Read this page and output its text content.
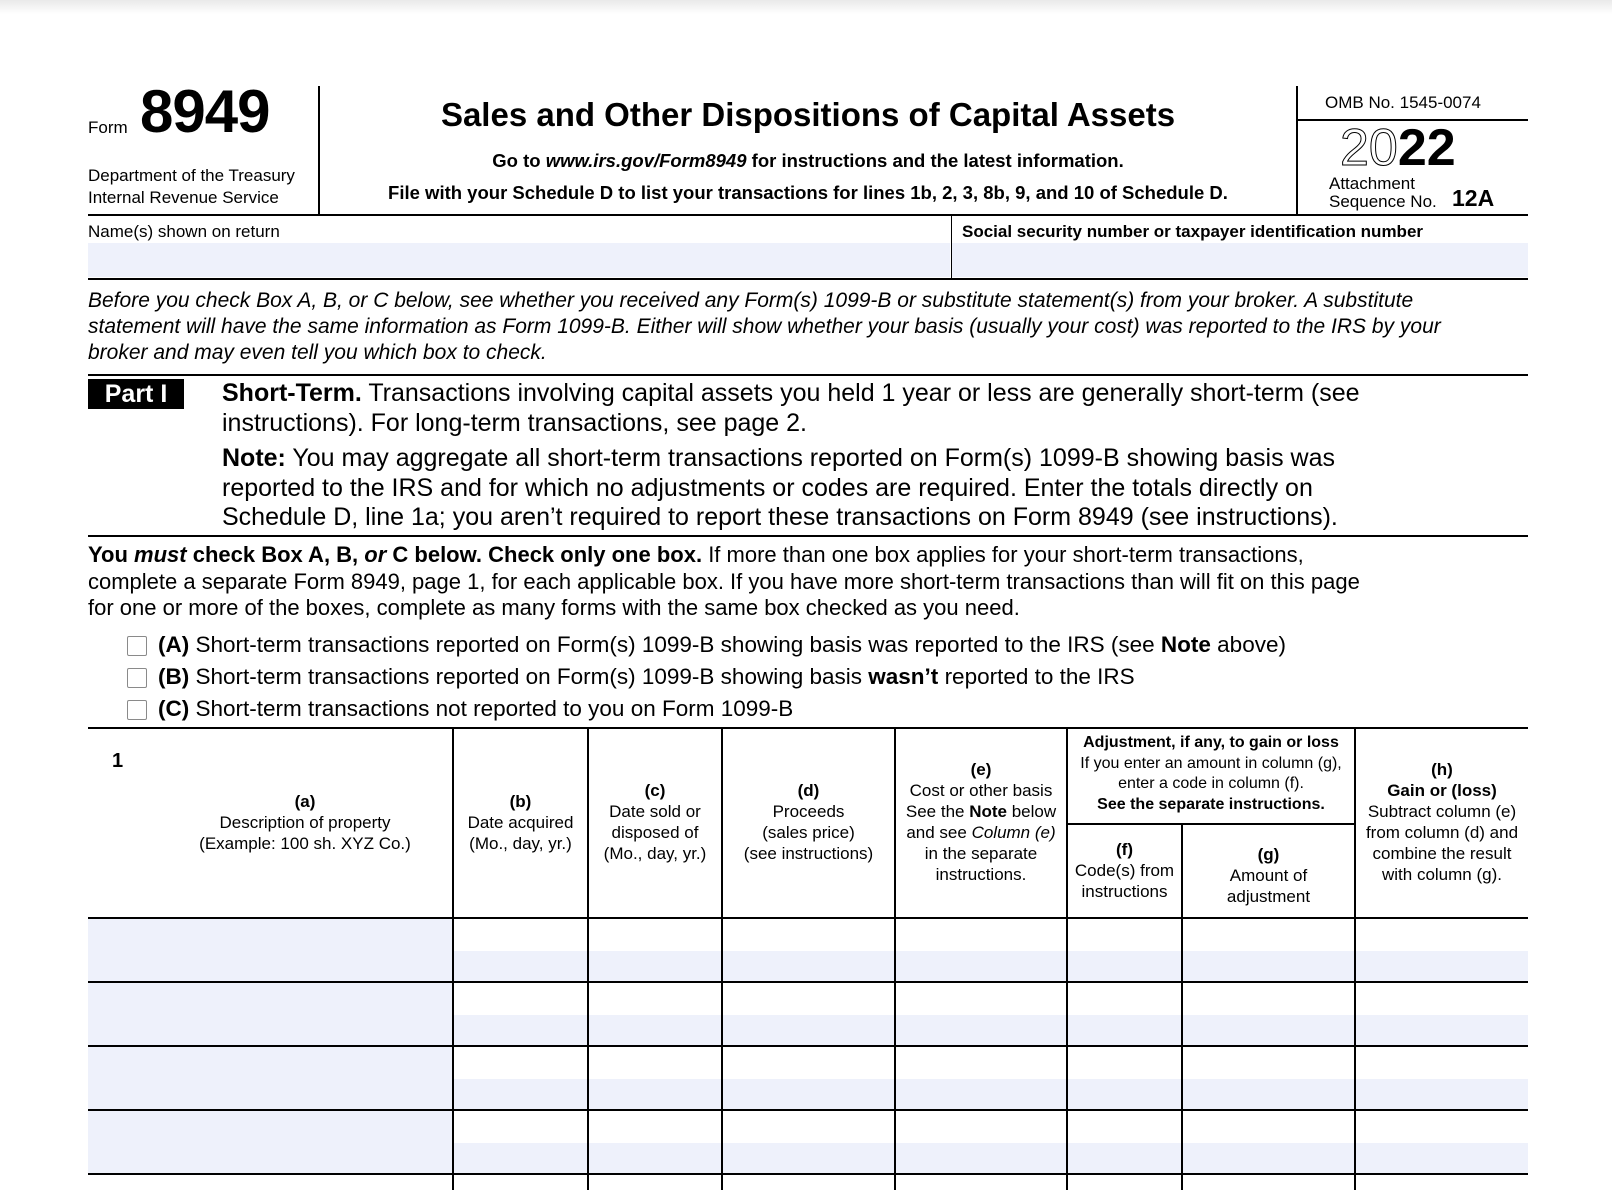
Form 8949
Department of the Treasury
Internal Revenue Service
Sales and Other Dispositions of Capital Assets
Go to www.irs.gov/Form8949 for instructions and the latest information.
File with your Schedule D to list your transactions for lines 1b, 2, 3, 8b, 9, and 10 of Schedule D.
OMB No. 1545-0074
2022
Attachment
Sequence No. 12A
Name(s) shown on return	Social security number or taxpayer identification number
Before you check Box A, B, or C below, see whether you received any Form(s) 1099-B or substitute statement(s) from your broker. A substitute
statement will have the same information as Form 1099-B. Either will show whether your basis (usually your cost) was reported to the IRS by your
broker and may even tell you which box to check.
Part I	Short-Term. Transactions involving capital assets you held 1 year or less are generally short-term (see
instructions). For long-term transactions, see page 2.
Note: You may aggregate all short-term transactions reported on Form(s) 1099-B showing basis was
reported to the IRS and for which no adjustments or codes are required. Enter the totals directly on
Schedule D, line 1a; you aren’t required to report these transactions on Form 8949 (see instructions).
You must check Box A, B, or C below. Check only one box. If more than one box applies for your short-term transactions,
complete a separate Form 8949, page 1, for each applicable box. If you have more short-term transactions than will fit on this page
for one or more of the boxes, complete as many forms with the same box checked as you need.
(A) Short-term transactions reported on Form(s) 1099-B showing basis was reported to the IRS (see Note above)
(B) Short-term transactions reported on Form(s) 1099-B showing basis wasn’t reported to the IRS
(C) Short-term transactions not reported to you on Form 1099-B
1
(a)
Description of property
(Example: 100 sh. XYZ Co.)
(b)
Date acquired
(Mo., day, yr.)
(c)
Date sold or
disposed of
(Mo., day, yr.)
(d)
Proceeds
(sales price)
(see instructions)
(e)
Cost or other basis
See the Note below
and see Column (e)
in the separate
instructions.
Adjustment, if any, to gain or loss
If you enter an amount in column (g),
enter a code in column (f).
See the separate instructions.
(f)
Code(s) from
instructions
(g)
Amount of
adjustment
(h)
Gain or (loss)
Subtract column (e)
from column (d) and
combine the result
with column (g).
